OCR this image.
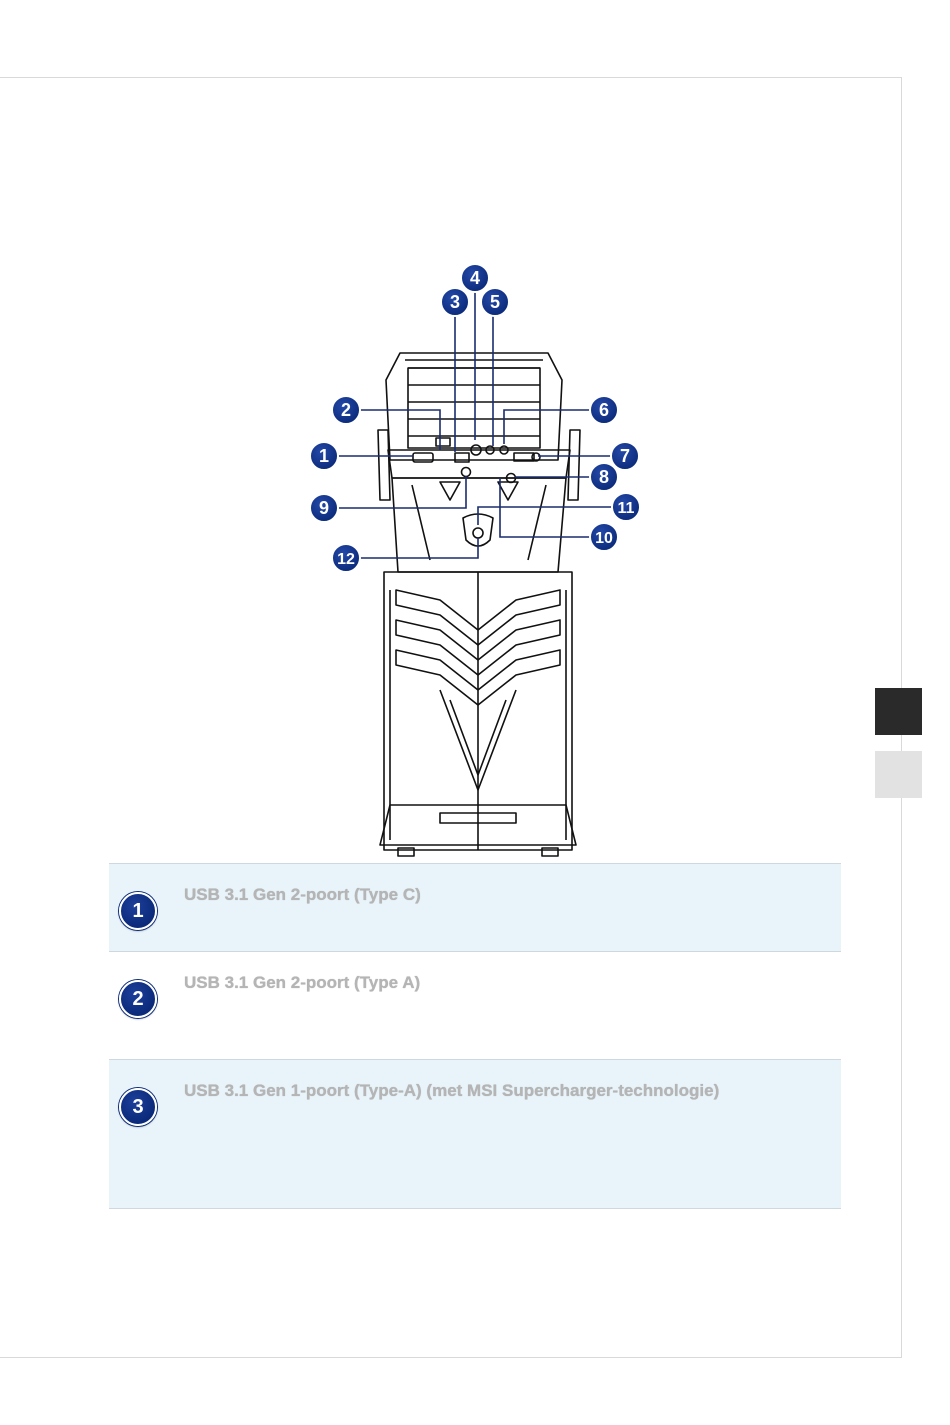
1
2
3
4
5
6
7
8
9	11
10
12
1
USB 3.1 Gen 2-poort (Type C)
2
USB 3.1 Gen 2-poort (Type A)
3
USB 3.1 Gen 1-poort (Type-A) (met MSI Supercharger-technologie)
